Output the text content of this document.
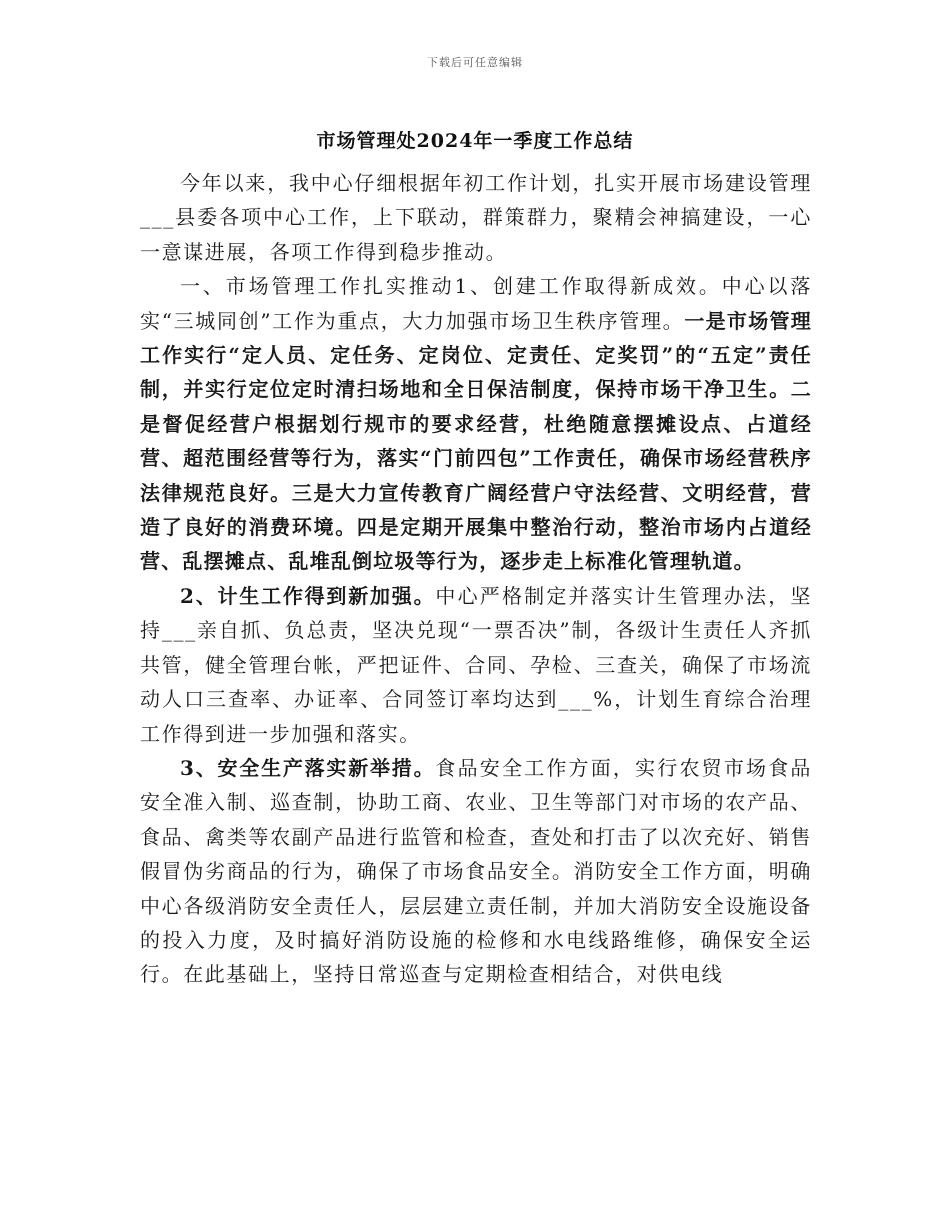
下载后可任意编辑
市场管理处2024年一季度工作总结

今年以来，我中心仔细根据年初工作计划，扎实开展市场建设管理___县委各项中心工作，上下联动，群策群力，聚精会神搞建设，一心一意谋进展，各项工作得到稳步推动。

一、市场管理工作扎实推动1、创建工作取得新成效。中心以落实“三城同创”工作为重点，大力加强市场卫生秩序管理。一是市场管理工作实行“定人员、定任务、定岗位、定责任、定奖罚”的“五定”责任制，并实行定位定时清扫场地和全日保洁制度，保持市场干净卫生。二是督促经营户根据划行规市的要求经营，杜绝随意摆摊设点、占道经营、超范围经营等行为，落实“门前四包”工作责任，确保市场经营秩序法律规范良好。三是大力宣传教育广阔经营户守法经营、文明经营，营造了良好的消费环境。四是定期开展集中整治行动，整治市场内占道经营、乱摆摊点、乱堆乱倒垃圾等行为，逐步走上标准化管理轨道。

2、计生工作得到新加强。中心严格制定并落实计生管理办法，坚持___亲自抓、负总责，坚决兑现“一票否决”制，各级计生责任人齐抓共管，健全管理台帐，严把证件、合同、孕检、三查关，确保了市场流动人口三查率、办证率、合同签订率均达到___%，计划生育综合治理工作得到进一步加强和落实。

3、安全生产落实新举措。食品安全工作方面，实行农贸市场食品安全准入制、巡查制，协助工商、农业、卫生等部门对市场的农产品、食品、禽类等农副产品进行监管和检查，查处和打击了以次充好、销售假冒伪劣商品的行为，确保了市场食品安全。消防安全工作方面，明确中心各级消防安全责任人，层层建立责任制，并加大消防安全设施设备的投入力度，及时搞好消防设施的检修和水电线路维修，确保安全运行。在此基础上，坚持日常巡查与定期检查相结合，对供电线
